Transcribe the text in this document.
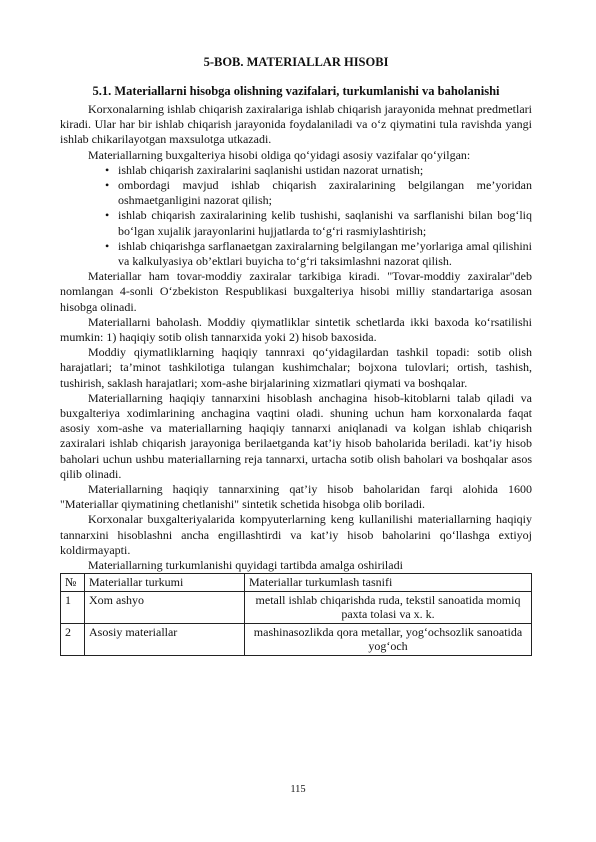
5-BOB. MATERIALLAR HISOBI
5.1. Materiallarni hisobga olishning vazifalari, turkumlanishi va baholanishi

Korxonalarning ishlab chiqarish zaxiralariga ishlab chiqarish jarayonida mehnat predmetlari kiradi. Ular har bir ishlab chiqarish jarayonida foydalaniladi va o‘z qiymatini tula ravishda yangi ishlab chikarilayotgan maxsulotga utkazadi.

Materiallarning buxgalteriya hisobi oldiga qo‘yidagi asosiy vazifalar qo‘yilgan:

• ishlab chiqarish zaxiralarini saqlanishi ustidan nazorat urnatish;
• ombordagi mavjud ishlab chiqarish zaxiralarining belgilangan me’yoridan oshmaetganligini nazorat qilish;
• ishlab chiqarish zaxiralarining kelib tushishi, saqlanishi va sarflanishi bilan bog‘liq bo‘lgan xujalik jarayonlarini hujjatlarda to‘g‘ri rasmiylashtirish;
• ishlab chiqarishga sarflanaetgan zaxiralarning belgilangan me’yorlariga amal qilishini va kalkulyasiya ob’ektlari buyicha to‘g‘ri taksimlashni nazorat qilish.

Materiallar ham tovar-moddiy zaxiralar tarkibiga kiradi. "Tovar-moddiy zaxiralar"deb nomlangan 4-sonli O‘zbekiston Respublikasi buxgalteriya hisobi milliy standartariga asosan hisobga olinadi.

Materiallarni baholash. Moddiy qiymatliklar sintetik schetlarda ikki baxoda ko‘rsatilishi mumkin: 1) haqiqiy sotib olish tannarxida yoki 2) hisob baxosida.

Moddiy qiymatliklarning haqiqiy tannraxi qo‘yidagilardan tashkil topadi: sotib olish harajatlari; ta’minot tashkilotiga tulangan kushimchalar; bojxona tulovlari; ortish, tashish, tushirish, saklash harajatlari; xom-ashe birjalarining xizmatlari qiymati va boshqalar.

Materiallarning haqiqiy tannarxini hisoblash anchagina hisob-kitoblarni talab qiladi va buxgalteriya xodimlarining anchagina vaqtini oladi. shuning uchun ham korxonalarda faqat asosiy xom-ashe va materiallarning haqiqiy tannarxi aniqlanadi va kolgan ishlab chiqarish zaxiralari ishlab chiqarish jarayoniga berilaetganda kat’iy hisob baholarida beriladi. kat’iy hisob baholari uchun ushbu materiallarning reja tannarxi, urtacha sotib olish baholari va boshqalar asos qilib olinadi.

Materiallarning haqiqiy tannarxining qat’iy hisob baholaridan farqi alohida 1600 "Materiallar qiymatining chetlanishi" sintetik schetida hisobga olib boriladi.

Korxonalar buxgalteriyalarida kompyuterlarning keng kullanilishi materiallarning haqiqiy tannarxini hisoblashni ancha engillashtirdi va kat’iy hisob baholarini qo‘llashga extiyoj koldirmayapti.

Materiallarning turkumlanishi quyidagi tartibda amalga oshiriladi

№	Materiallar turkumi	Materiallar turkumlash tasnifi
1	Xom ashyo	metall ishlab chiqarishda ruda, tekstil sanoatida momiq paxta tolasi va x. k.
2	Asosiy materiallar	mashinasozlikda qora metallar, yog‘ochsozlik sanoatida yog‘och
115
